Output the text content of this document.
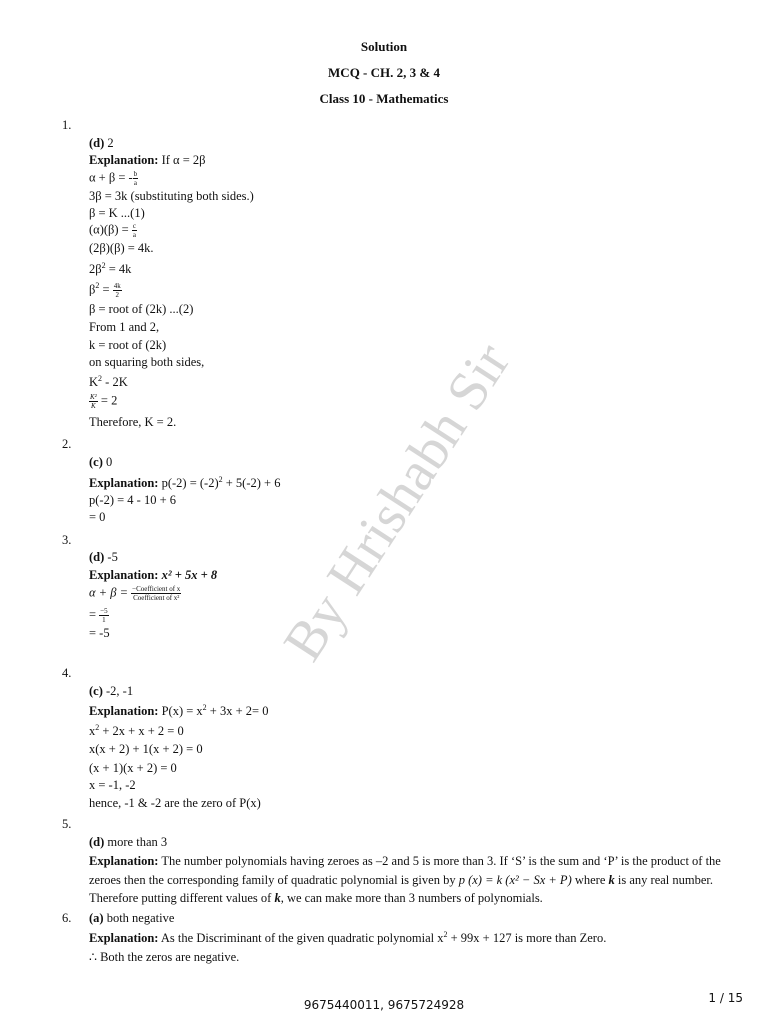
Solution
MCQ - CH. 2, 3 & 4
Class 10 - Mathematics
By Hrishabh Sir
1.
(d) 2
Explanation: If α = 2β
α + β = - $\frac{b}{a}$
3β = 3k (substituting both sides.)
β = K ...(1)
$(\alpha)(\beta) = \frac{c}{a}$
(2β)(β) = 4k.
$2\beta^2 = 4k$
$\beta^2 = \frac{4k}{2}$
β = root of (2k) ...(2)
From 1 and 2,
k = root of (2k)
on squaring both sides,
$K^2 - 2K$
$\frac{\text{K²}}{K} = 2$
Therefore, K = 2.
2.
(c) 0
Explanation: $p(-2) = (-2)^2 + 5(-2) + 6$
p(-2) = 4 - 10 + 6
= 0
3.
(d) -5
Explanation: x² + 5x + 8
$\alpha + \beta = \frac{\text{−Coefficient of x}}{\text{Coefficient of x²}}$
= $\frac{-5}{1}$
= -5
4.
(c) -2, -1
Explanation: $P(x) = x^2 + 3x + 2= 0$
$x^2 + 2x + x + 2 = 0$
x(x + 2) + 1(x + 2) = 0
(x + 1)(x + 2) = 0
x = -1, -2
hence, -1 & -2 are the zero of P(x)
5.
(d) more than 3
Explanation: The number polynomials having zeroes as –2 and 5 is more than 3. If ‘S’ is the sum and ‘P’ is the product of the zeroes then the corresponding family of quadratic polynomial is given by p (x) = k (x² − Sx + P) where k is any real number. Therefore putting different values of k, we can make more than 3 numbers of polynomials.
6. (a) both negative
Explanation: As the Discriminant of the given quadratic polynomial $x^2 + 99x + 127$ is more than Zero.
∴ Both the zeros are negative.
9675440011, 9675724928	1 / 15
